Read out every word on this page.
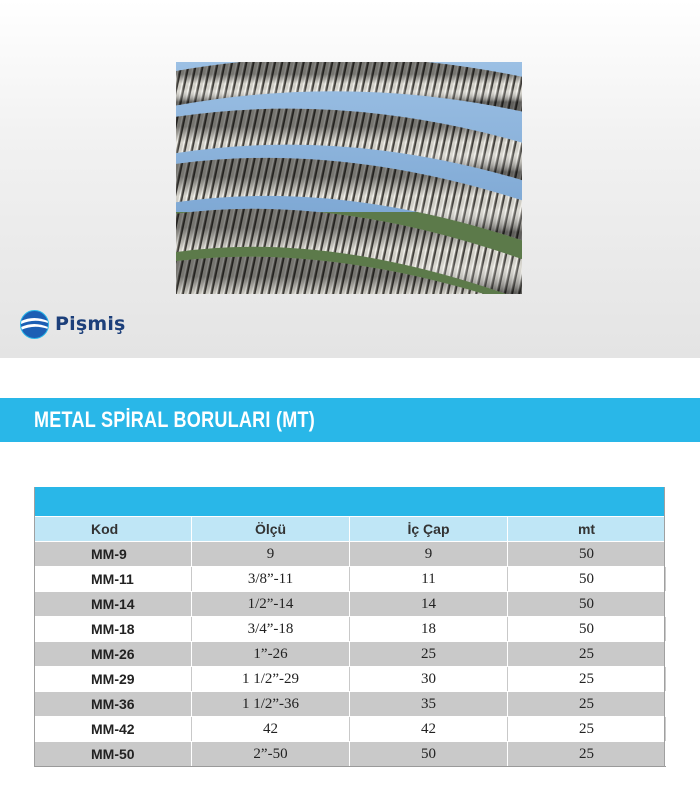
Pişmiş
METAL SPİRAL BORULARI (MT)
Kod	Ölçü	İç Çap	mt
MM-9	9	9	50
MM-11	3/8”-11	11	50
MM-14	1/2”-14	14	50
MM-18	3/4”-18	18	50
MM-26	1”-26	25	25
MM-29	1 1/2”-29	30	25
MM-36	1 1/2”-36	35	25
MM-42	42	42	25
MM-50	2”-50	50	25
